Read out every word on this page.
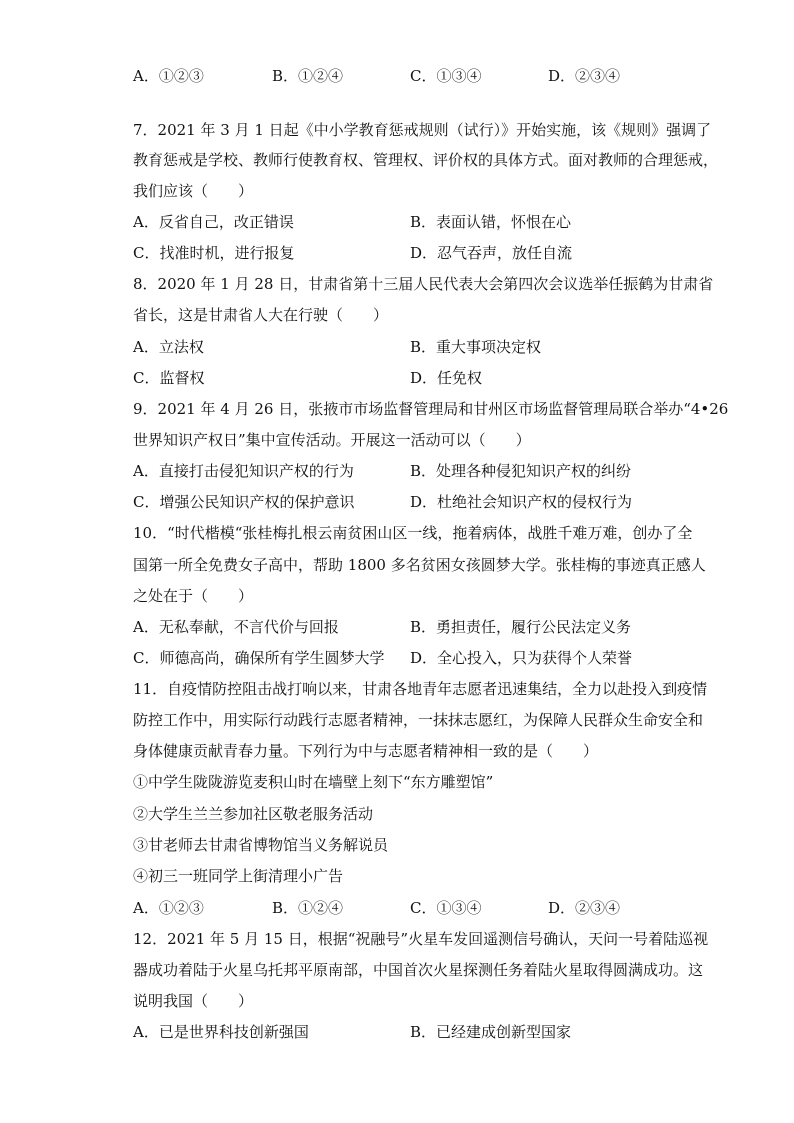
A．①②③	B．①②④	C．①③④	D．②③④
7．2021 年 3 月 1 日起《中小学教育惩戒规则（试行）》开始实施，该《规则》强调了
教育惩戒是学校、教师行使教育权、管理权、评价权的具体方式。面对教师的合理惩戒，
我们应该（　　）
A．反省自己，改正错误	B．表面认错，怀恨在心
C．找准时机，进行报复	D．忍气吞声，放任自流
8．2020 年 1 月 28 日，甘肃省第十三届人民代表大会第四次会议选举任振鹤为甘肃省
省长，这是甘肃省人大在行驶（　　）
A．立法权	B．重大事项决定权
C．监督权	D．任免权
9．2021 年 4 月 26 日，张掖市市场监督管理局和甘州区市场监督管理局联合举办“4•26
世界知识产权日”集中宣传活动。开展这一活动可以（　　）
A．直接打击侵犯知识产权的行为	B．处理各种侵犯知识产权的纠纷
C．增强公民知识产权的保护意识	D．杜绝社会知识产权的侵权行为
10．“时代楷模“张桂梅扎根云南贫困山区一线，拖着病体，战胜千难万难，创办了全
国第一所全免费女子高中，帮助 1800 多名贫困女孩圆梦大学。张桂梅的事迹真正感人
之处在于（　　）
A．无私奉献，不言代价与回报	B．勇担责任，履行公民法定义务
C．师德高尚，确保所有学生圆梦大学 D．全心投入，只为获得个人荣誉
11．自疫情防控阻击战打响以来，甘肃各地青年志愿者迅速集结，全力以赴投入到疫情
防控工作中，用实际行动践行志愿者精神，一抹抹志愿红，为保障人民群众生命安全和
身体健康贡献青春力量。下列行为中与志愿者精神相一致的是（　　）
①中学生陇陇游览麦积山时在墙壁上刻下“东方雕塑馆”
②大学生兰兰参加社区敬老服务活动
③甘老师去甘肃省博物馆当义务解说员
④初三一班同学上街清理小广告
A．①②③	B．①②④	C．①③④	D．②③④
12．2021 年 5 月 15 日，根据“祝融号”火星车发回遥测信号确认，天问一号着陆巡视
器成功着陆于火星乌托邦平原南部，中国首次火星探测任务着陆火星取得圆满成功。这
说明我国（　　）
A．已是世界科技创新强国	B．已经建成创新型国家
